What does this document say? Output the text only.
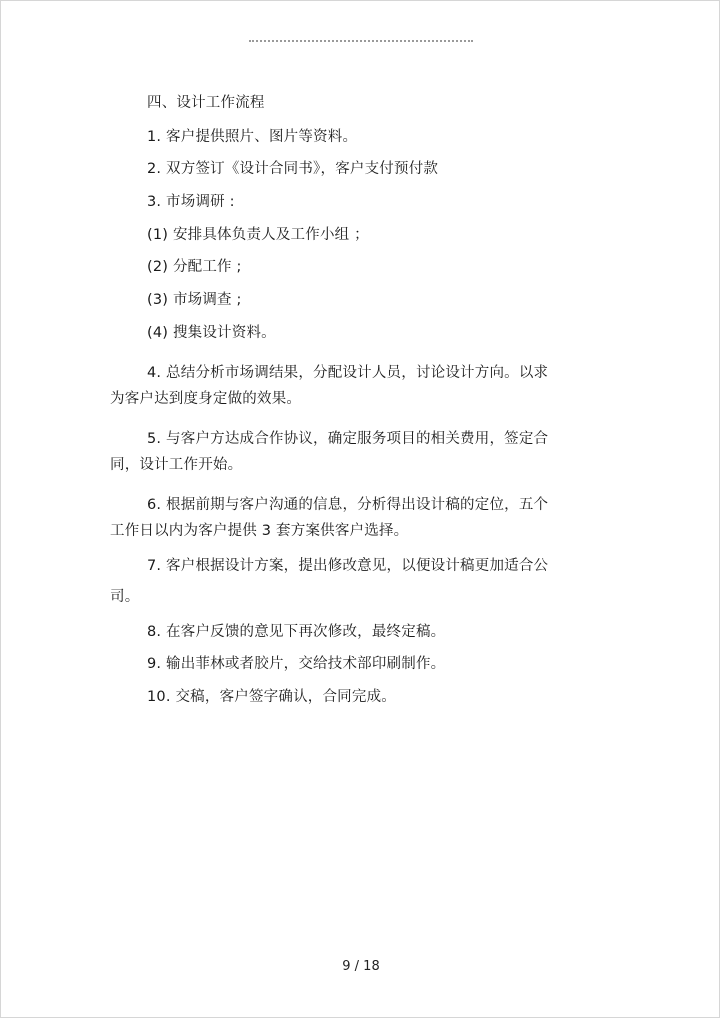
四、设计工作流程
1. 客户提供照片、图片等资料。
2. 双方签订《设计合同书》，客户支付预付款
3. 市场调研 :
(1) 安排具体负责人及工作小组 ；
(2) 分配工作 ;
(3) 市场调查 ;
(4) 搜集设计资料。
4. 总结分析市场调结果，分配设计人员，讨论设计方向。以求
为客户达到度身定做的效果。
5. 与客户方达成合作协议，确定服务项目的相关费用，签定合
同，设计工作开始。
6. 根据前期与客户沟通的信息，分析得出设计稿的定位，五个
工作日以内为客户提供 3 套方案供客户选择。
7. 客户根据设计方案，提出修改意见，以便设计稿更加适合公
司。
8. 在客户反馈的意见下再次修改，最终定稿。
9. 输出菲林或者胶片，交给技术部印刷制作。
10. 交稿，客户签字确认，合同完成。
9 / 18
